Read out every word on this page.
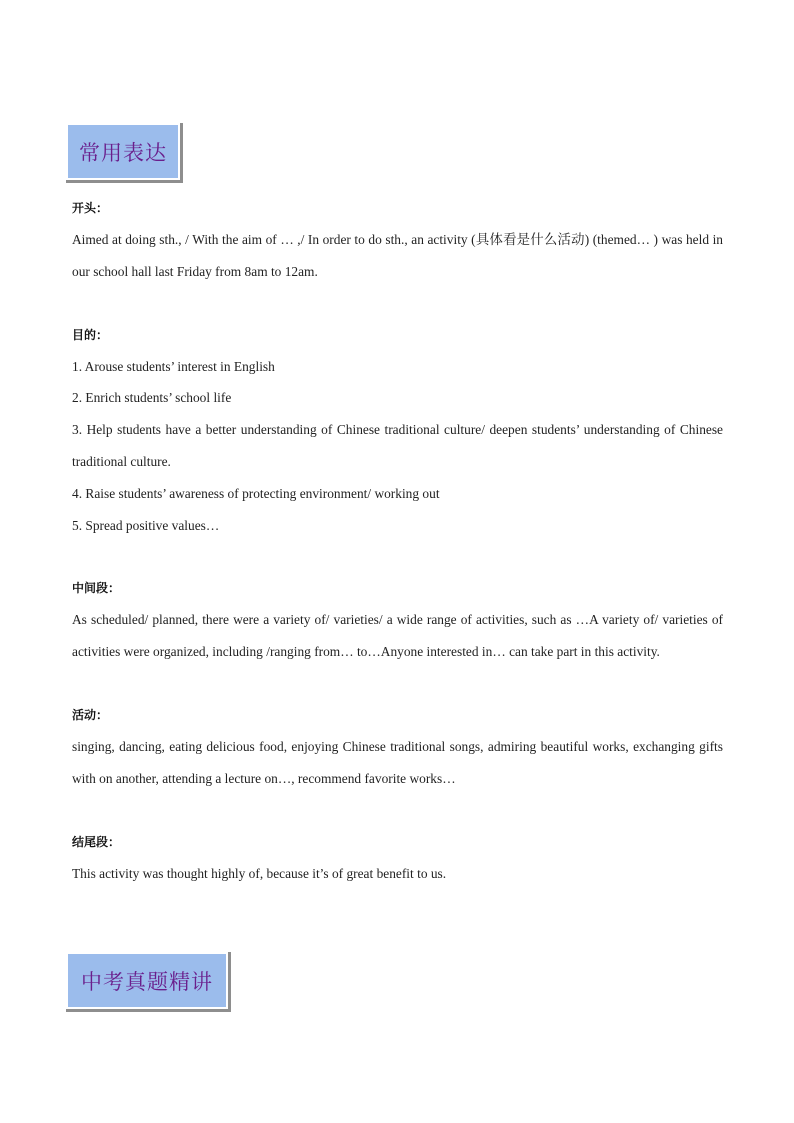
常用表达
开头：

Aimed at doing sth., / With the aim of … ,/ In order to do sth., an activity (具体看是什么活动) (themed… ) was held in our school hall last Friday from 8am to 12am.

目的：

1. Arouse students’ interest in English

2. Enrich students’ school life

3. Help students have a better understanding of Chinese traditional culture/ deepen students’ understanding of Chinese traditional culture.

4. Raise students’ awareness of protecting environment/ working out

5. Spread positive values…

中间段：

As scheduled/ planned, there were a variety of/ varieties/ a wide range of activities, such as …A variety of/ varieties of activities were organized, including /ranging from… to…Anyone interested in… can take part in this activity.

活动：

singing, dancing, eating delicious food, enjoying Chinese traditional songs, admiring beautiful works, exchanging gifts with on another, attending a lecture on…, recommend favorite works…

结尾段：

This activity was thought highly of, because it’s of great benefit to us.

中考真题精讲
